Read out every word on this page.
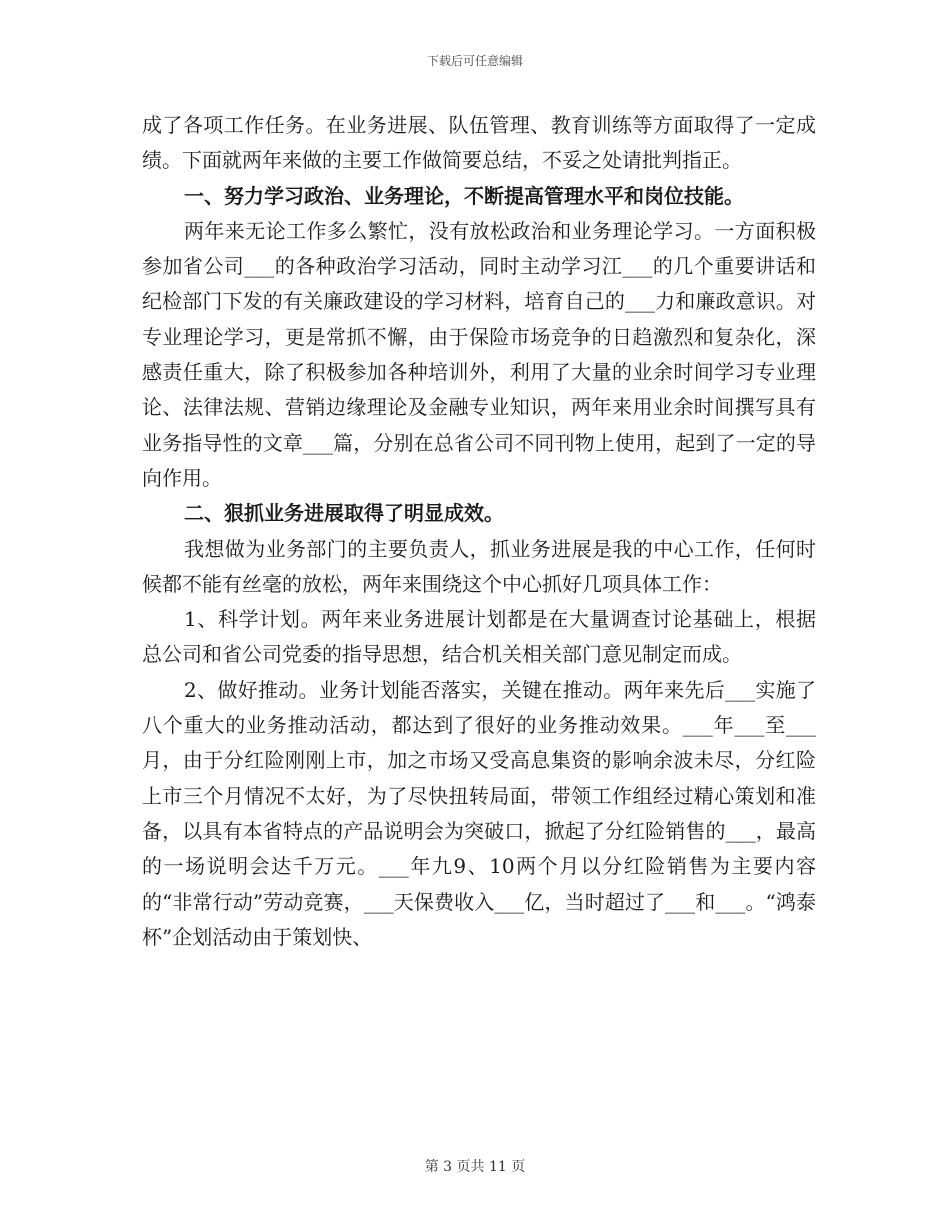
下载后可任意编辑

成了各项工作任务。在业务进展、队伍管理、教育训练等方面取得了一定成绩。下面就两年来做的主要工作做简要总结，不妥之处请批判指正。

一、努力学习政治、业务理论，不断提高管理水平和岗位技能。

两年来无论工作多么繁忙，没有放松政治和业务理论学习。一方面积极参加省公司___的各种政治学习活动，同时主动学习江___的几个重要讲话和纪检部门下发的有关廉政建设的学习材料，培育自己的___力和廉政意识。对专业理论学习，更是常抓不懈，由于保险市场竞争的日趋激烈和复杂化，深感责任重大，除了积极参加各种培训外，利用了大量的业余时间学习专业理论、法律法规、营销边缘理论及金融专业知识，两年来用业余时间撰写具有业务指导性的文章___篇，分别在总省公司不同刊物上使用，起到了一定的导向作用。

二、狠抓业务进展取得了明显成效。

我想做为业务部门的主要负责人，抓业务进展是我的中心工作，任何时候都不能有丝毫的放松，两年来围绕这个中心抓好几项具体工作：

1、科学计划。两年来业务进展计划都是在大量调查讨论基础上，根据总公司和省公司党委的指导思想，结合机关相关部门意见制定而成。

2、做好推动。业务计划能否落实，关键在推动。两年来先后___实施了八个重大的业务推动活动，都达到了很好的业务推动效果。___年___至___月，由于分红险刚刚上市，加之市场又受高息集资的影响余波未尽，分红险上市三个月情况不太好，为了尽快扭转局面，带领工作组经过精心策划和准备，以具有本省特点的产品说明会为突破口，掀起了分红险销售的___，最高的一场说明会达千万元。___年九9、10两个月以分红险销售为主要内容的“非常行动”劳动竞赛，___天保费收入___亿，当时超过了___和___。“鸿泰杯”企划活动由于策划快、

第 3 页共 11 页
